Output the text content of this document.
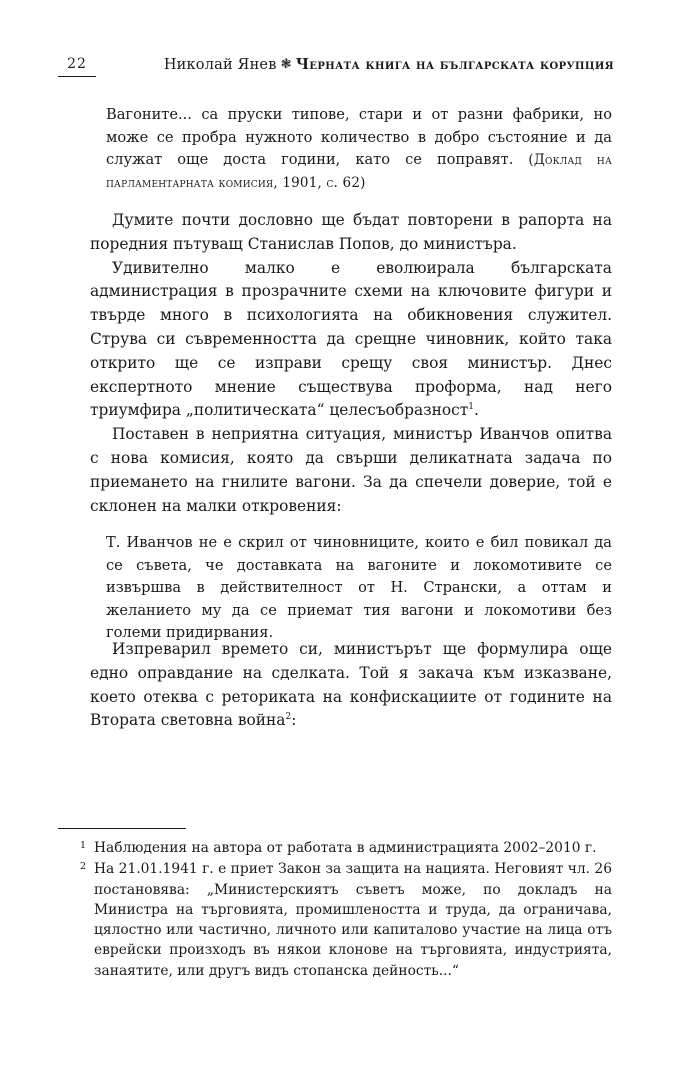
22	Николай Янев ❃ Черната книга на българската корупция

Вагоните... са пруски типове, стари и от разни фабрики, но може се пробра нужното количество в добро състояние и да служат още доста години, като се поправят. (Доклад на парламентарната комисия, 1901, с. 62)

Думите почти дословно ще бъдат повторени в рапорта на поредния пътуващ Станислав Попов, до министъра.

Удивително малко е еволюирала българската администрация в прозрачните схеми на ключовите фигури и твърде много в психологията на обикновения служител. Струва си съвременността да срещне чиновник, който така открито ще се изправи срещу своя министър. Днес експертното мнение съществува проформа, над него триумфира „политическата“ целесъобразност$^1$.

Поставен в неприятна ситуация, министър Иванчов опитва с нова комисия, която да свърши деликатната задача по приемането на гнилите вагони. За да спечели доверие, той е склонен на малки откровения:

Т. Иванчов не е скрил от чиновниците, които е бил повикал да се съвета, че доставката на вагоните и локомотивите се извършва в действителност от Н. Странски, а оттам и желанието му да се приемат тия вагони и локомотиви без големи придирвания.

Изпреварил времето си, министърът ще формулира още едно оправдание на сделката. Той я закача към изказване, което отеква с реториката на конфискациите от годините на Втората световна война$^2$:

1 Наблюдения на автора от работата в администрацията 2002–2010 г.

2 На 21.01.1941 г. е приет Закон за защита на нацията. Неговият чл. 26 постановява: „Министерскиятъ съветъ може, по докладъ на Министра на търговията, промишлеността и труда, да ограничава, цялостно или частично, личното или капиталово участие на лица отъ еврейски произходъ въ някои клонове на търговията, индустрията, занаятите, или другъ видъ стопанска дейность...“
